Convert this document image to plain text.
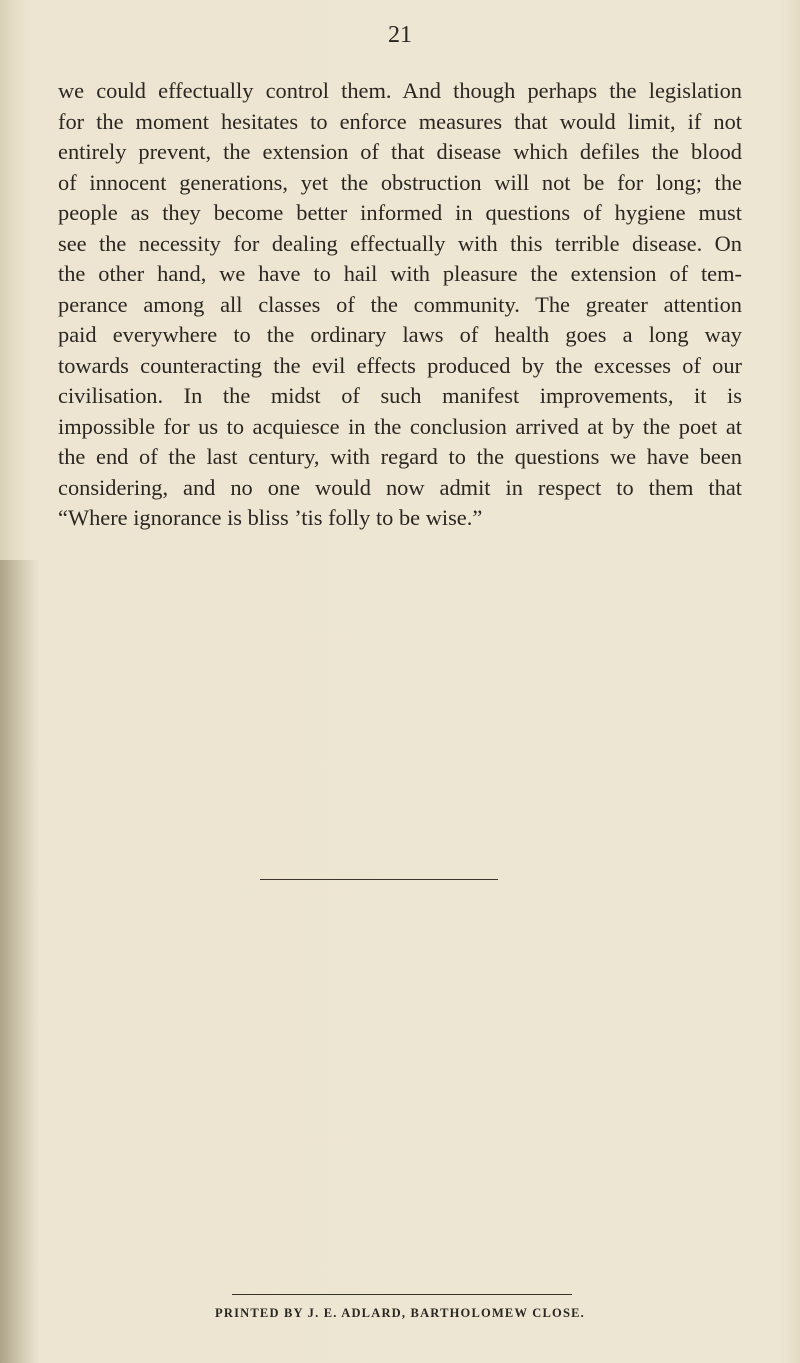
21
we could effectually control them. And though perhaps the legislation
for the moment hesitates to enforce measures that would limit, if not
entirely prevent, the extension of that disease which defiles the blood
of innocent generations, yet the obstruction will not be for long; the
people as they become better informed in questions of hygiene must
see the necessity for dealing effectually with this terrible disease. On
the other hand, we have to hail with pleasure the extension of tem-
perance among all classes of the community. The greater attention
paid everywhere to the ordinary laws of health goes a long way
towards counteracting the evil effects produced by the excesses of our
civilisation. In the midst of such manifest improvements, it is
impossible for us to acquiesce in the conclusion arrived at by the poet at
the end of the last century, with regard to the questions we have been
considering, and no one would now admit in respect to them that
“Where ignorance is bliss ’tis folly to be wise.”
PRINTED BY J. E. ADLARD, BARTHOLOMEW CLOSE.
